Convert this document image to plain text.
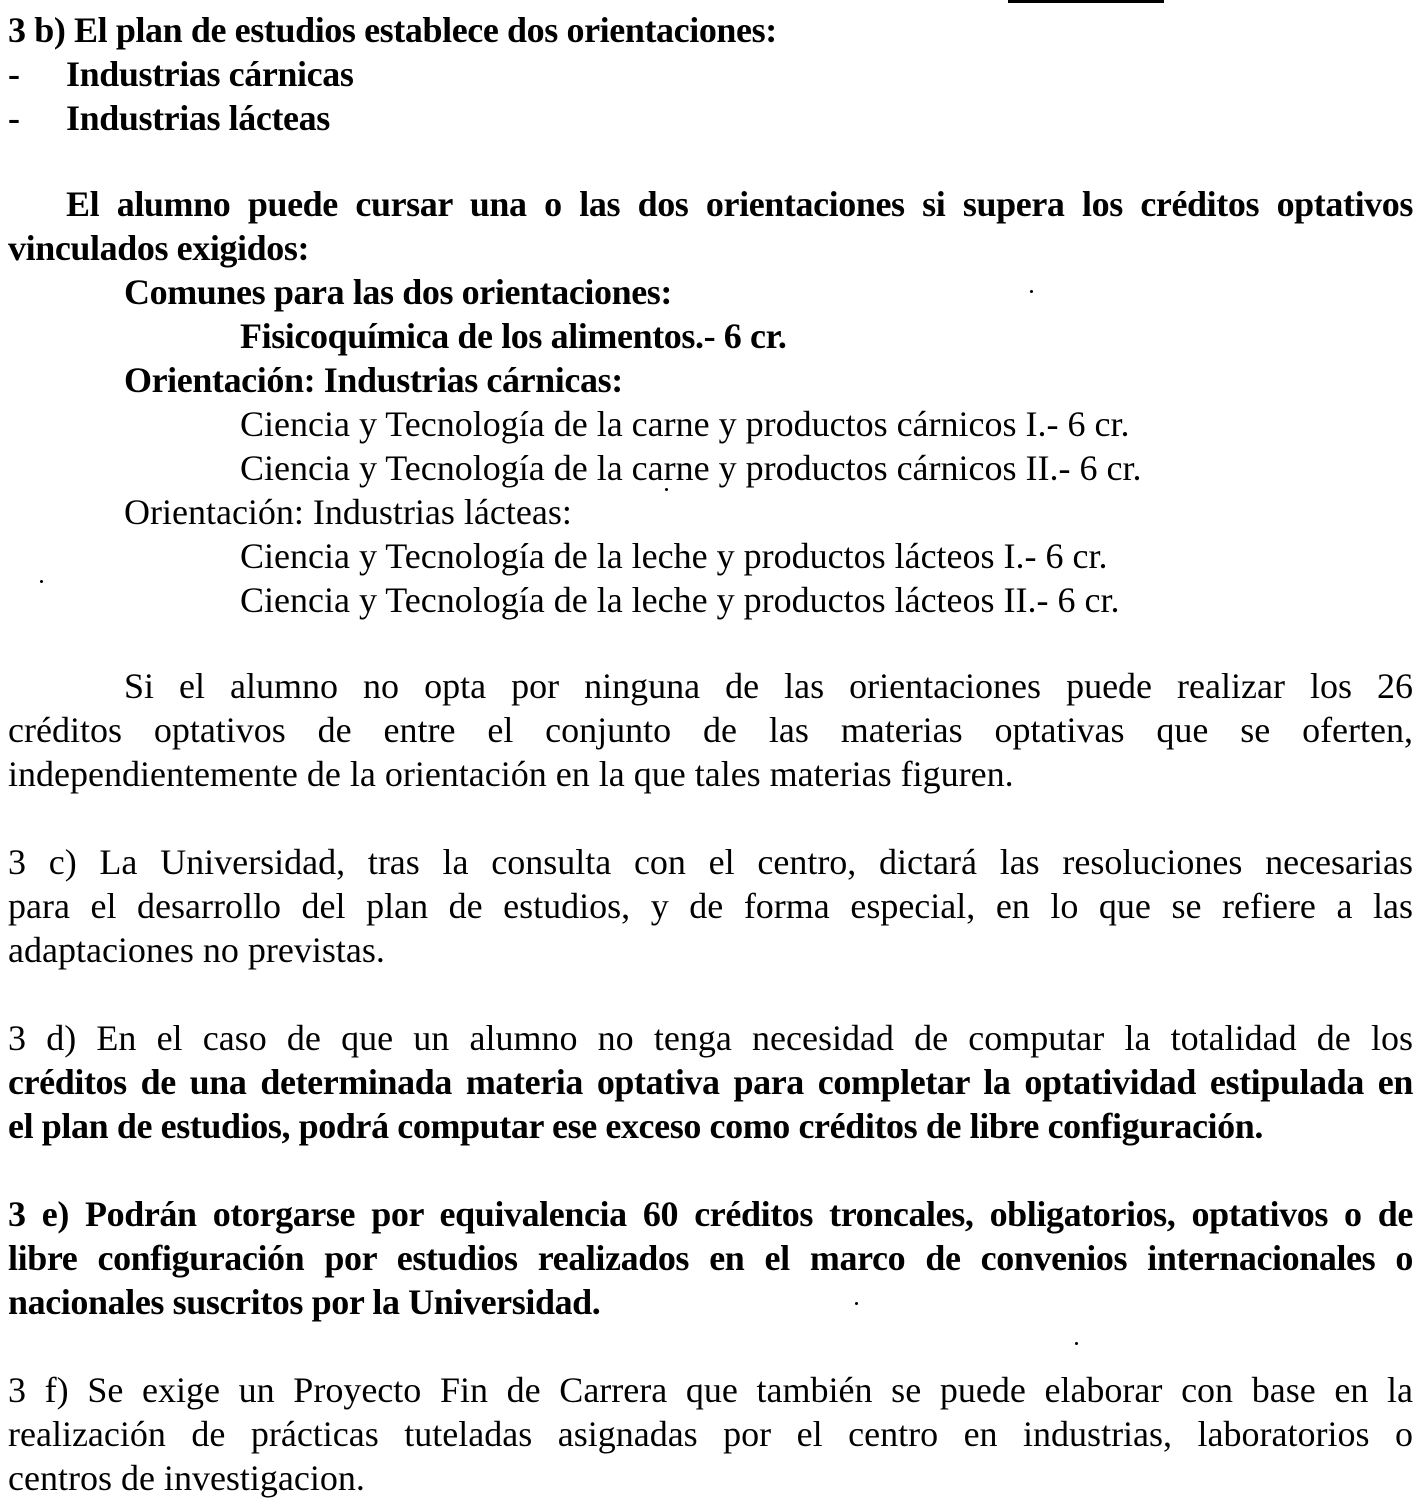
3 b) El plan de estudios establece dos orientaciones:
- Industrias cárnicas
- Industrias lácteas
El alumno puede cursar una o las dos orientaciones si supera los créditos optativos
vinculados exigidos:
Comunes para las dos orientaciones:
Fisicoquímica de los alimentos.- 6 cr.
Orientación: Industrias cárnicas:
Ciencia y Tecnología de la carne y productos cárnicos I.- 6 cr.
Ciencia y Tecnología de la carne y productos cárnicos II.- 6 cr.
Orientación: Industrias lácteas:
Ciencia y Tecnología de la leche y productos lácteos I.- 6 cr.
Ciencia y Tecnología de la leche y productos lácteos II.- 6 cr.
Si el alumno no opta por ninguna de las orientaciones puede realizar los 26
créditos optativos de entre el conjunto de las materias optativas que se oferten,
independientemente de la orientación en la que tales materias figuren.
3 c) La Universidad, tras la consulta con el centro, dictará las resoluciones necesarias
para el desarrollo del plan de estudios, y de forma especial, en lo que se refiere a las
adaptaciones no previstas.
3 d) En el caso de que un alumno no tenga necesidad de computar la totalidad de los
créditos de una determinada materia optativa para completar la optatividad estipulada en
el plan de estudios, podrá computar ese exceso como créditos de libre configuración.
3 e) Podrán otorgarse por equivalencia 60 créditos troncales, obligatorios, optativos o de
libre configuración por estudios realizados en el marco de convenios internacionales o
nacionales suscritos por la Universidad.
3 f) Se exige un Proyecto Fin de Carrera que también se puede elaborar con base en la
realización de prácticas tuteladas asignadas por el centro en industrias, laboratorios o
centros de investigacion.
